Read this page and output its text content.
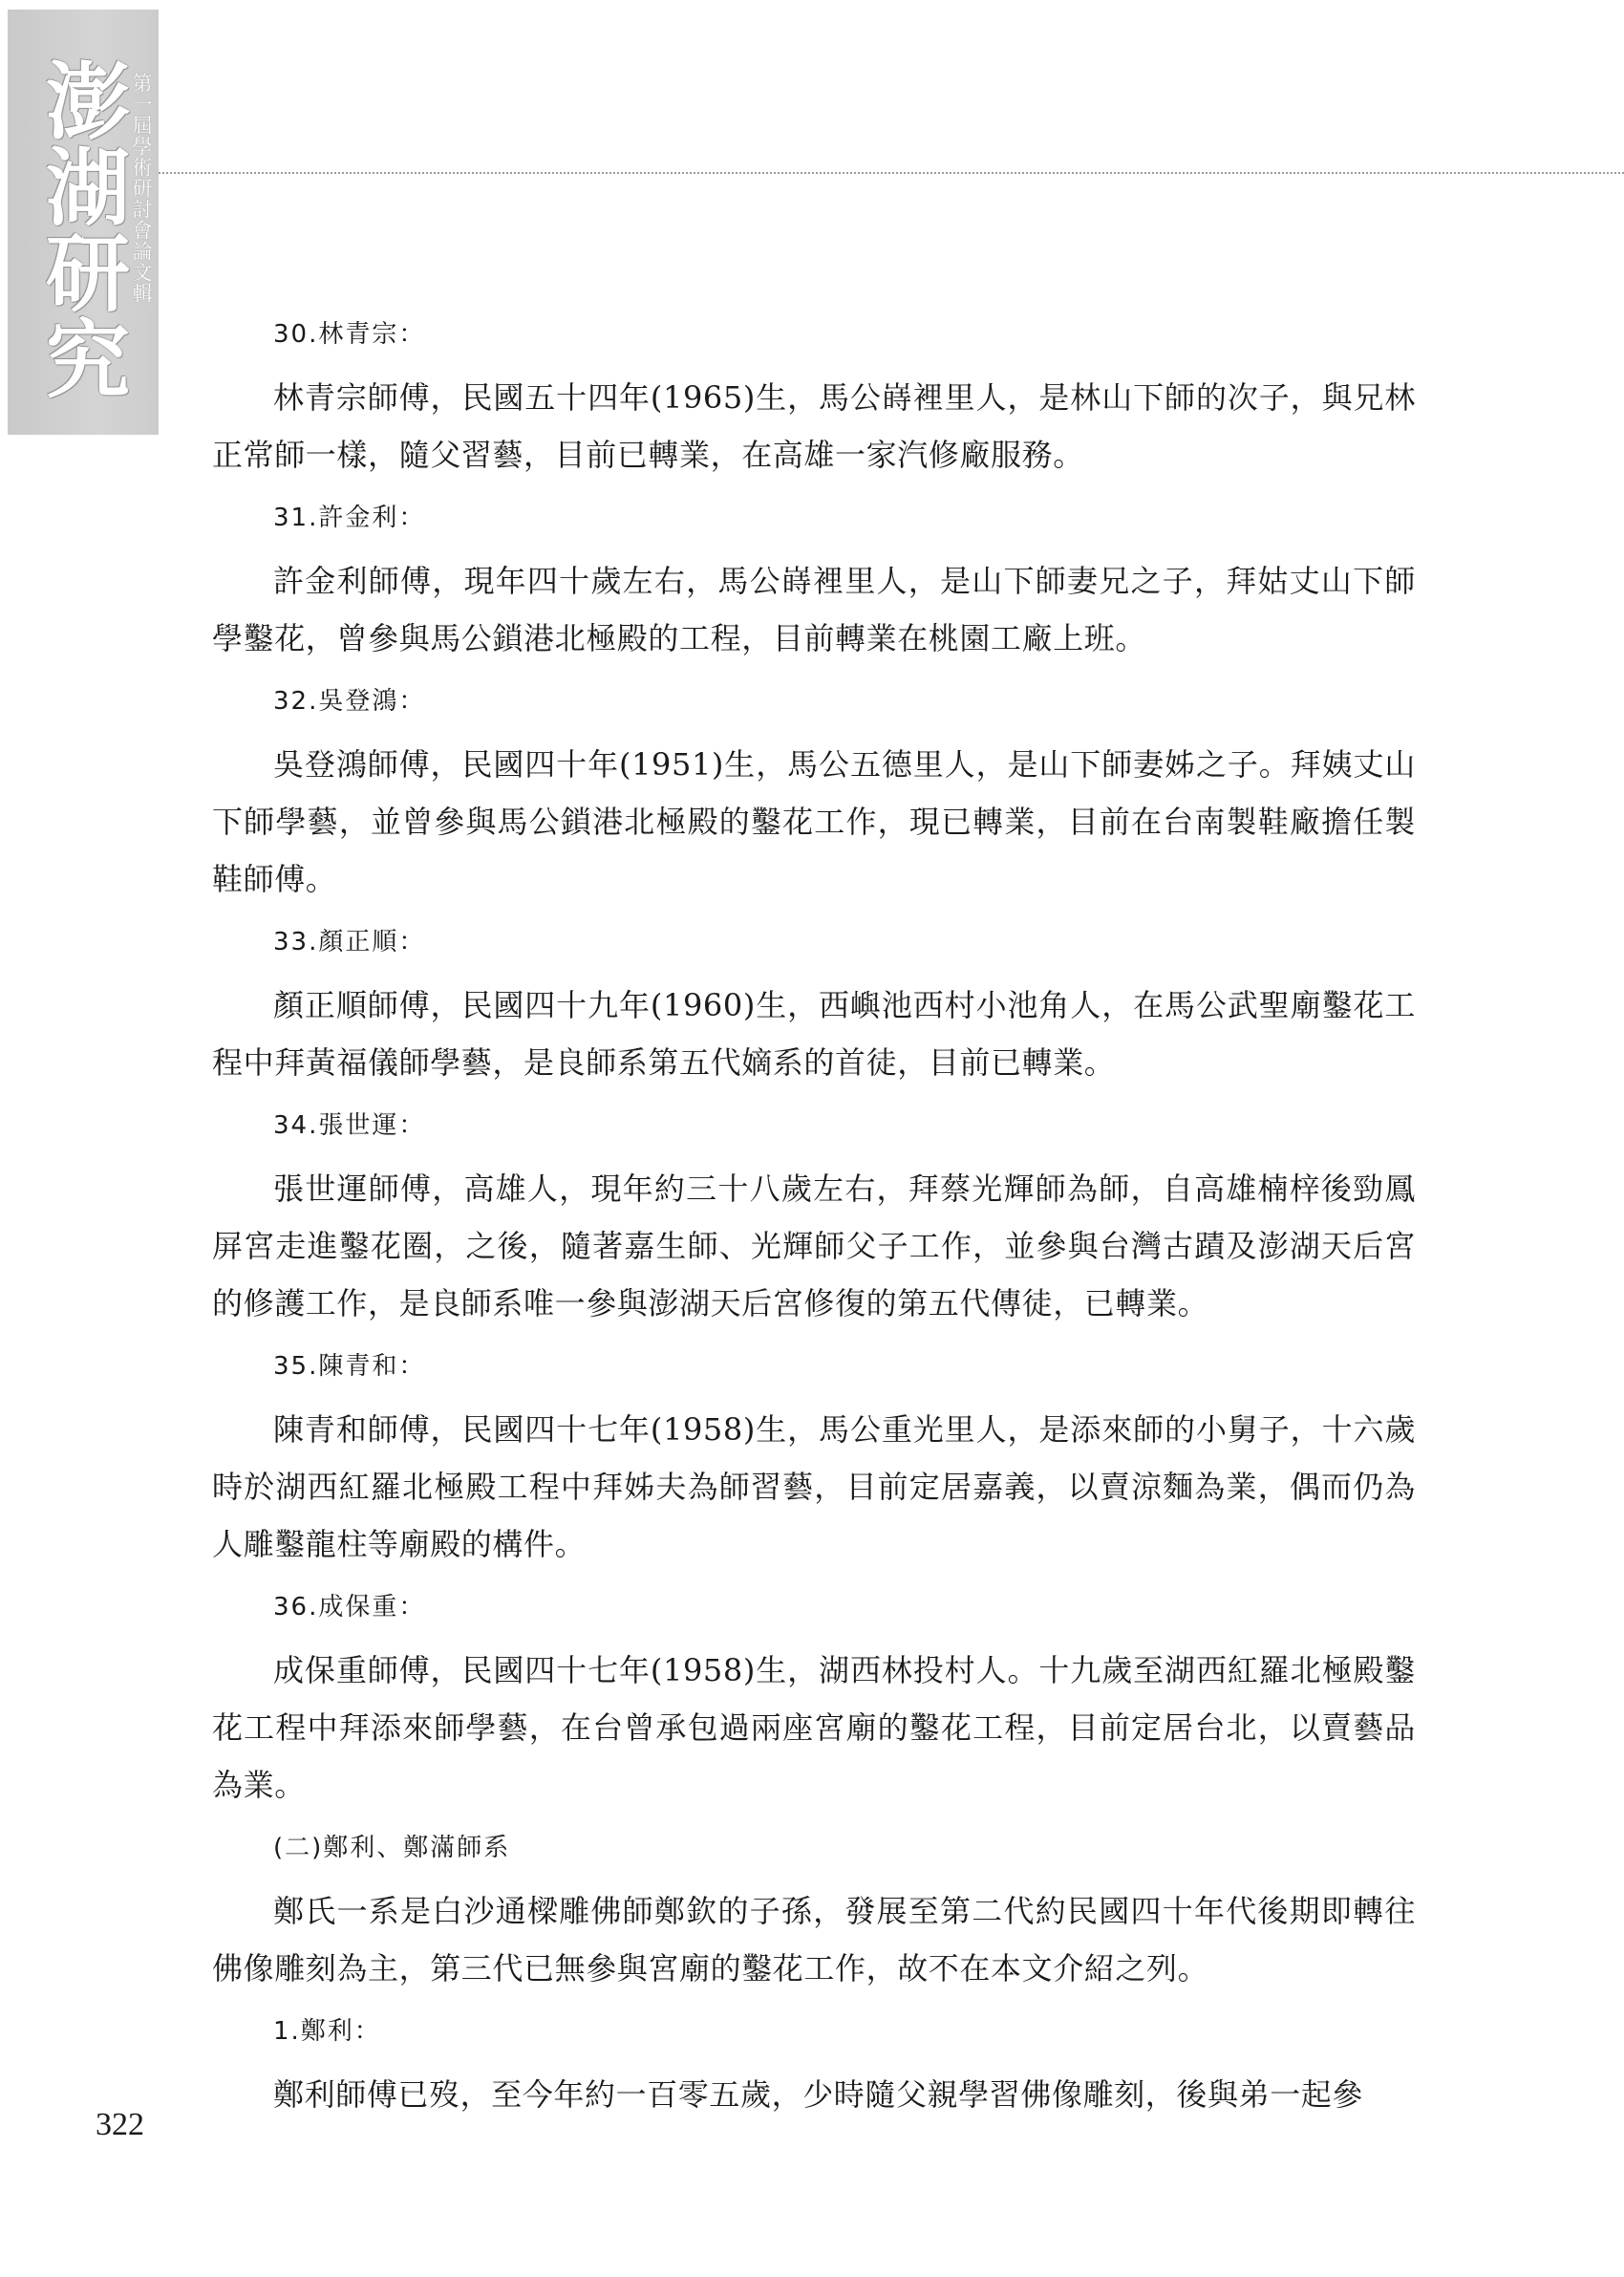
澎湖研究 第一屆學術研討會論文輯
30.林青宗：

林青宗師傅，民國五十四年(1965)生，馬公嵵裡里人，是林山下師的次子，與兄林正常師一樣，隨父習藝，目前已轉業，在高雄一家汽修廠服務。

31.許金利：

許金利師傅，現年四十歲左右，馬公嵵裡里人，是山下師妻兄之子，拜姑丈山下師學鑿花，曾參與馬公鎖港北極殿的工程，目前轉業在桃園工廠上班。

32.吳登鴻：

吳登鴻師傅，民國四十年(1951)生，馬公五德里人，是山下師妻姊之子。拜姨丈山下師學藝，並曾參與馬公鎖港北極殿的鑿花工作，現已轉業，目前在台南製鞋廠擔任製鞋師傅。

33.顏正順：

顏正順師傅，民國四十九年(1960)生，西嶼池西村小池角人，在馬公武聖廟鑿花工程中拜黃福儀師學藝，是良師系第五代嫡系的首徒，目前已轉業。

34.張世運：

張世運師傅，高雄人，現年約三十八歲左右，拜蔡光輝師為師，自高雄楠梓後勁鳳屏宮走進鑿花圈，之後，隨著嘉生師、光輝師父子工作，並參與台灣古蹟及澎湖天后宮的修護工作，是良師系唯一參與澎湖天后宮修復的第五代傳徒，已轉業。

35.陳青和：

陳青和師傅，民國四十七年(1958)生，馬公重光里人，是添來師的小舅子，十六歲時於湖西紅羅北極殿工程中拜姊夫為師習藝，目前定居嘉義，以賣涼麵為業，偶而仍為人雕鑿龍柱等廟殿的構件。

36.成保重：

成保重師傅，民國四十七年(1958)生，湖西林投村人。十九歲至湖西紅羅北極殿鑿花工程中拜添來師學藝，在台曾承包過兩座宮廟的鑿花工程，目前定居台北，以賣藝品為業。

(二)鄭利、鄭滿師系

鄭氏一系是白沙通樑雕佛師鄭欽的子孫，發展至第二代約民國四十年代後期即轉往佛像雕刻為主，第三代已無參與宮廟的鑿花工作，故不在本文介紹之列。

1.鄭利：

鄭利師傅已歿，至今年約一百零五歲，少時隨父親學習佛像雕刻，後與弟一起參

322
